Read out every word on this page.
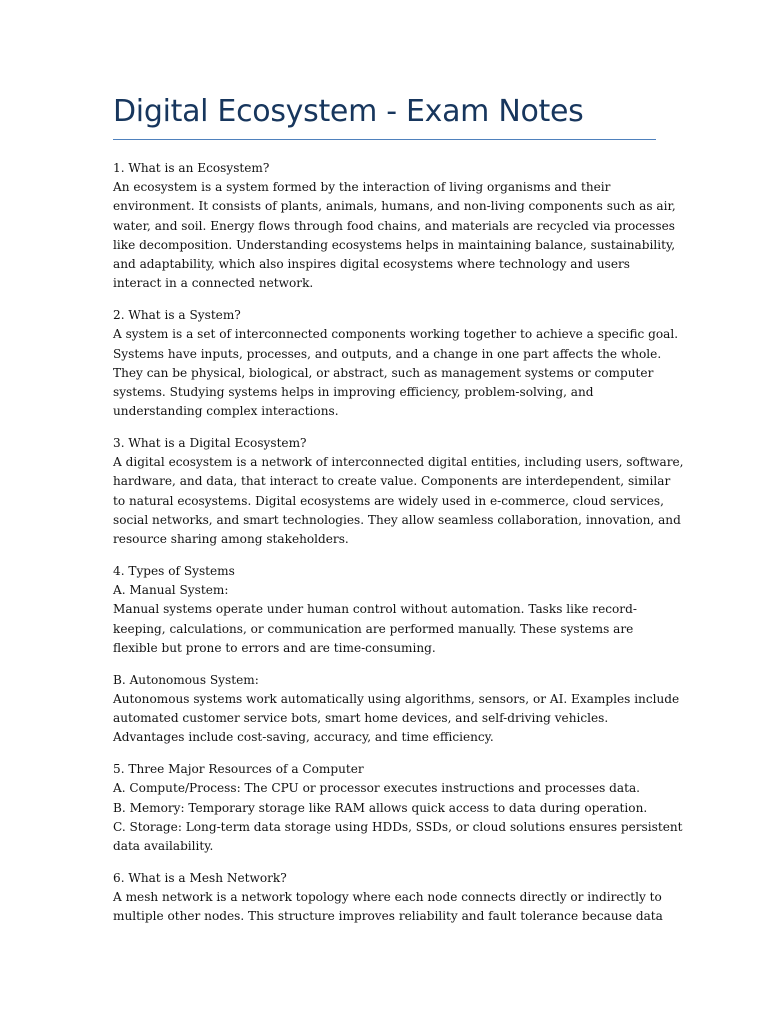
Digital Ecosystem - Exam Notes

1. What is an Ecosystem?
An ecosystem is a system formed by the interaction of living organisms and their
environment. It consists of plants, animals, humans, and non-living components such as air,
water, and soil. Energy flows through food chains, and materials are recycled via processes
like decomposition. Understanding ecosystems helps in maintaining balance, sustainability,
and adaptability, which also inspires digital ecosystems where technology and users
interact in a connected network.

2. What is a System?
A system is a set of interconnected components working together to achieve a specific goal.
Systems have inputs, processes, and outputs, and a change in one part affects the whole.
They can be physical, biological, or abstract, such as management systems or computer
systems. Studying systems helps in improving efficiency, problem-solving, and
understanding complex interactions.

3. What is a Digital Ecosystem?
A digital ecosystem is a network of interconnected digital entities, including users, software,
hardware, and data, that interact to create value. Components are interdependent, similar
to natural ecosystems. Digital ecosystems are widely used in e-commerce, cloud services,
social networks, and smart technologies. They allow seamless collaboration, innovation, and
resource sharing among stakeholders.

4. Types of Systems
A. Manual System:
Manual systems operate under human control without automation. Tasks like record-
keeping, calculations, or communication are performed manually. These systems are
flexible but prone to errors and are time-consuming.

B. Autonomous System:
Autonomous systems work automatically using algorithms, sensors, or AI. Examples include
automated customer service bots, smart home devices, and self-driving vehicles.
Advantages include cost-saving, accuracy, and time efficiency.

5. Three Major Resources of a Computer
A. Compute/Process: The CPU or processor executes instructions and processes data.
B. Memory: Temporary storage like RAM allows quick access to data during operation.
C. Storage: Long-term data storage using HDDs, SSDs, or cloud solutions ensures persistent
data availability.

6. What is a Mesh Network?
A mesh network is a network topology where each node connects directly or indirectly to
multiple other nodes. This structure improves reliability and fault tolerance because data
